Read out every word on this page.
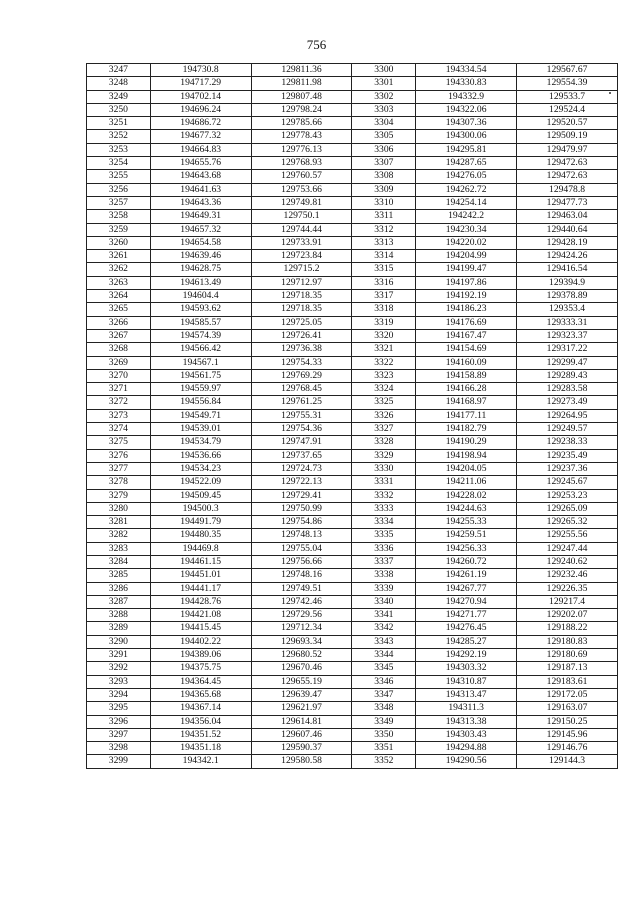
756
3247	194730.8	129811.36	3300	194334.54	129567.67
3248	194717.29	129811.98	3301	194330.83	129554.39
3249	194702.14	129807.48	3302	194332.9	129533.7
3250	194696.24	129798.24	3303	194322.06	129524.4
3251	194686.72	129785.66	3304	194307.36	129520.57
3252	194677.32	129778.43	3305	194300.06	129509.19
3253	194664.83	129776.13	3306	194295.81	129479.97
3254	194655.76	129768.93	3307	194287.65	129472.63
3255	194643.68	129760.57	3308	194276.05	129472.63
3256	194641.63	129753.66	3309	194262.72	129478.8
3257	194643.36	129749.81	3310	194254.14	129477.73
3258	194649.31	129750.1	3311	194242.2	129463.04
3259	194657.32	129744.44	3312	194230.34	129440.64
3260	194654.58	129733.91	3313	194220.02	129428.19
3261	194639.46	129723.84	3314	194204.99	129424.26
3262	194628.75	129715.2	3315	194199.47	129416.54
3263	194613.49	129712.97	3316	194197.86	129394.9
3264	194604.4	129718.35	3317	194192.19	129378.89
3265	194593.62	129718.35	3318	194186.23	129353.4
3266	194585.57	129725.05	3319	194176.69	129333.31
3267	194574.39	129726.41	3320	194167.47	129323.37
3268	194566.42	129736.38	3321	194154.69	129317.22
3269	194567.1	129754.33	3322	194160.09	129299.47
3270	194561.75	129769.29	3323	194158.89	129289.43
3271	194559.97	129768.45	3324	194166.28	129283.58
3272	194556.84	129761.25	3325	194168.97	129273.49
3273	194549.71	129755.31	3326	194177.11	129264.95
3274	194539.01	129754.36	3327	194182.79	129249.57
3275	194534.79	129747.91	3328	194190.29	129238.33
3276	194536.66	129737.65	3329	194198.94	129235.49
3277	194534.23	129724.73	3330	194204.05	129237.36
3278	194522.09	129722.13	3331	194211.06	129245.67
3279	194509.45	129729.41	3332	194228.02	129253.23
3280	194500.3	129750.99	3333	194244.63	129265.09
3281	194491.79	129754.86	3334	194255.33	129265.32
3282	194480.35	129748.13	3335	194259.51	129255.56
3283	194469.8	129755.04	3336	194256.33	129247.44
3284	194461.15	129756.66	3337	194260.72	129240.62
3285	194451.01	129748.16	3338	194261.19	129232.46
3286	194441.17	129749.51	3339	194267.77	129226.35
3287	194428.76	129742.46	3340	194270.94	129217.4
3288	194421.08	129729.56	3341	194271.77	129202.07
3289	194415.45	129712.34	3342	194276.45	129188.22
3290	194402.22	129693.34	3343	194285.27	129180.83
3291	194389.06	129680.52	3344	194292.19	129180.69
3292	194375.75	129670.46	3345	194303.32	129187.13
3293	194364.45	129655.19	3346	194310.87	129183.61
3294	194365.68	129639.47	3347	194313.47	129172.05
3295	194367.14	129621.97	3348	194311.3	129163.07
3296	194356.04	129614.81	3349	194313.38	129150.25
3297	194351.52	129607.46	3350	194303.43	129145.96
3298	194351.18	129590.37	3351	194294.88	129146.76
3299	194342.1	129580.58	3352	194290.56	129144.3
